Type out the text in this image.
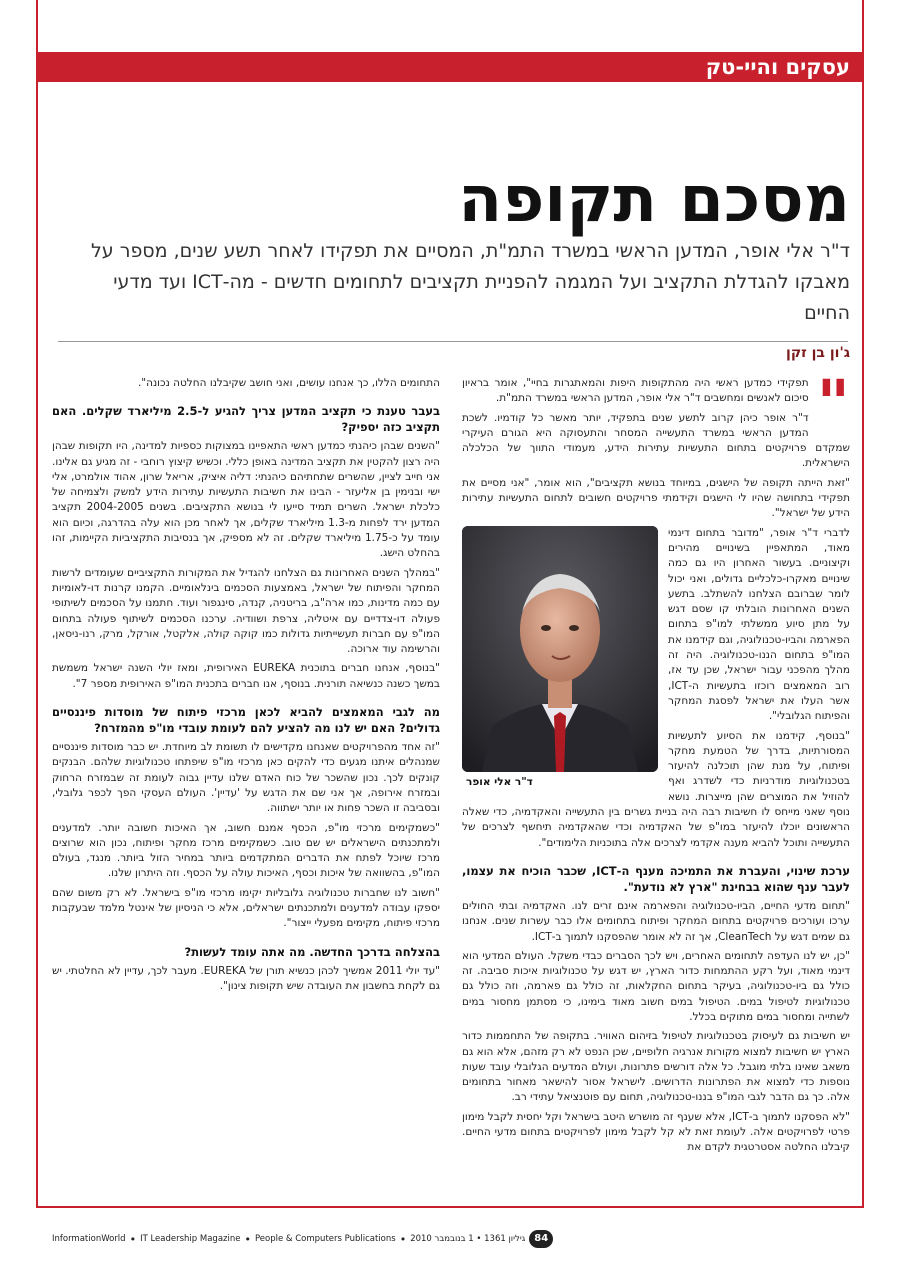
עסקים והיי-טק
מסכם תקופה
ד"ר אלי אופר, המדען הראשי במשרד התמ"ת, המסיים את תפקידו לאחר תשע שנים, מספר על מאבקו להגדלת התקציב ועל המגמה להפניית תקציבים לתחומים חדשים - מה-ICT ועד מדעי החיים
ג'ון בן זקן
"

תפקידי כמדען ראשי היה מהתקופות היפות והמאתגרות בחיי", אומר בראיון סיכום לאנשים ומחשבים ד"ר אלי אופר, המדען הראשי במשרד התמ"ת.

ד"ר אופר כיהן קרוב לתשע שנים בתפקיד, יותר מאשר כל קודמיו. לשכת המדען הראשי במשרד התעשייה המסחר והתעסוקה היא הגורם העיקרי שמקדם פרויקטים בתחום התעשיות עתירות הידע, מעמודי התווך של הכלכלה הישראלית.

"זאת הייתה תקופה של הישגים, במיוחד בנושא תקציבים", הוא אומר, "אני מסיים את תפקידי בתחושה שהיו לי הישגים וקידמתי פרויקטים חשובים לתחום התעשיות עתירות הידע של ישראל".

ד"ר אלי אופר

לדברי ד"ר אופר, "מדובר בתחום דינמי מאוד, המתאפיין בשינויים מהירים וקיצוניים. בעשור האחרון היו גם כמה שינויים מאקרו-כלכליים גדולים, ואני יכול לומר שברובם הצלחנו להשתלב. בתשע השנים האחרונות הובלתי קו שסם דגש על מתן סיוע ממשלתי למו"פ בתחום הפארמה והביו-טכנולוגיה, וגם קידמנו את המו"פ בתחום הננו-טכנולוגיה. היה זה מהלך מהפכני עבור ישראל, שכן עד אז, רוב המאמצים רוכזו בתעשיות ה-ICT, אשר העלו את ישראל לפסגת המחקר והפיתוח הגלובלי".

"בנוסף, קידמנו את הסיוע לתעשיות המסורתיות, בדרך של הטמעת מחקר ופיתוח, על מנת שהן תוכלנה להיעזר בטכנולוגיות מודרניות כדי לשדרג ואף להוזיל את המוצרים שהן מייצרות. נושא נוסף שאני מייחס לו חשיבות רבה היה בניית גשרים בין התעשייה והאקדמיה, כדי שאלה הראשונים יוכלו להיעזר במו"פ של האקדמיה וכדי שהאקדמיה תיחשף לצרכים של התעשייה ותוכל להביא מענה אקדמי לצרכים אלה בתוכניות הלימודים".

ערכת שינוי, והעברת את התמיכה מענף ה-ICT, שכבר הוכיח את עצמו, לעבר ענף שהוא בבחינת "ארץ לא נודעת".

"תחום מדעי החיים, הביו-טכנולוגיה והפארמה אינם זרים לנו. האקדמיה ובתי החולים ערכו ועורכים פרויקטים בתחום המחקר ופיתוח בתחומים אלו כבר עשרות שנים. אנחנו גם שמים דגש על CleanTech, אך זה לא אומר שהפסקנו לתמוך ב-ICT.

"כן, יש לנו העדפה לתחומים האחרים, ויש לכך הסברים כבדי משקל. העולם המדעי הוא דינמי מאוד, ועל רקע ההתמחות כדור הארץ, יש דגש על טכנולוגיות איכות סביבה. זה כולל גם ביו-טכנולוגיה, בעיקר בתחום החקלאות, זה כולל גם פארמה, וזה כולל גם טכנולוגיות לטיפול במים. הטיפול במים חשוב מאוד בימינו, כי מסתמן מחסור במים לשתייה ומחסור במים מתוקים בכלל.

יש חשיבות גם לעיסוק בטכנולוגיות לטיפול בזיהום האוויר. בתקופה של התחממות כדור הארץ יש חשיבות למצוא מקורות אנרגיה חלופיים, שכן הנפט לא רק מזהם, אלא הוא גם משאב שאינו בלתי מוגבל. כל אלה דורשים פתרונות, ועולם המדעים הגלובלי עובד שעות נוספות כדי למצוא את הפתרונות הדרושים. לישראל אסור להישאר מאחור בתחומים אלה. כך גם הדבר לגבי המו"פ בננו-טכנולוגיה, תחום עם פוטנציאל עתידי רב.

"לא הפסקנו לתמוך ב-ICT, אלא שענף זה מושרש היטב בישראל וקל יחסית לקבל מימון פרטי לפרויקטים אלה. לעומת זאת לא קל לקבל מימון לפרויקטים בתחום מדעי החיים. קיבלנו החלטה אסטרטגית לקדם את

התחומים הללו, כך אנחנו עושים, ואני חושב שקיבלנו החלטה נכונה".

בעבר טענת כי תקציב המדען צריך להגיע ל-2.5 מיליארד שקלים. האם תקציב כזה יספיק?

"השנים שבהן כיהנתי כמדען ראשי התאפיינו במצוקות כספיות למדינה, היו תקופות שבהן היה רצון להקטין את תקציב המדינה באופן כללי. וכשיש קיצוץ רוחבי - זה מגיע גם אלינו. אני חייב לציין, שהשרים שתחתיהם כיהנתי: דליה איציק, אריאל שרון, אהוד אולמרט, אלי ישי ובנימין בן אליעזר - הבינו את חשיבות התעשיות עתירות הידע למשק ולצמיחה של כלכלת ישראל. השרים תמיד סייעו לי בנושא התקציבים. בשנים 2004-2005 תקציב המדען ירד לפחות מ-1.3 מיליארד שקלים, אך לאחר מכן הוא עלה בהדרגה, וכיום הוא עומד על כ-1.75 מיליארד שקלים. זה לא מספיק, אך בנסיבות התקציביות הקיימות, זהו בהחלט הישג.

"במהלך השנים האחרונות גם הצלחנו להגדיל את המקורות התקציביים שעומדים לרשות המחקר והפיתוח של ישראל, באמצעות הסכמים בינלאומיים. הקמנו קרנות דו-לאומיות עם כמה מדינות, כמו ארה"ב, בריטניה, קנדה, סינגפור ועוד. חתמנו על הסכמים לשיתופי פעולה דו-צדדיים עם איטליה, צרפת ושוודיה. ערכנו הסכמים לשיתוף פעולה בתחום המו"פ עם חברות תעשייתיות גדולות כמו קוקה קולה, אלקטל, אורקל, מרק, רנו-ניסאן, והרשימה עוד ארוכה.

"בנוסף, אנחנו חברים בתוכנית EUREKA האירופית, ומאז יולי השנה ישראל משמשת במשך כשנה כנשיאה תורנית. בנוסף, אנו חברים בתכנית המו"פ האירופית מספר 7".

מה לגבי המאמצים להביא לכאן מרכזי פיתוח של מוסדות פיננסיים גדולים? האם יש לנו מה להציע להם לעומת עובדי מו"פ מהמזרח?

"זה אחד מהפרויקטים שאנחנו מקדישים לו תשומת לב מיוחדת. יש כבר מוסדות פיננסיים שמנהלים איתנו מגעים כדי להקים כאן מרכזי מו"פ שיפתחו טכנולוגיות שלהם. הבנקים קונקים לכך. נכון שהשכר של כוח האדם שלנו עדיין גבוה לעומת זה שבמזרח הרחוק ובמזרח אירופה, אך אני שם את הדגש על 'עדיין'. העולם העסקי הפך לכפר גלובלי, ובסביבה זו השכר פחות או יותר ישתווה.

"כשמקימים מרכזי מו"פ, הכסף אמנם חשוב, אך האיכות חשובה יותר. למדענים ולמתכנתים הישראלים יש שם טוב. כשמקימים מרכז מחקר ופיתוח, נכון הוא שרוצים מרכז שיוכל לפתח את הדברים המתקדמים ביותר במחיר הזול ביותר. מנגד, בעולם המו"פ, בהשוואה של איכות וכסף, האיכות עולה על הכסף. וזה היתרון שלנו.

"חשוב לנו שחברות טכנולוגיה גלובליות יקימו מרכזי מו"פ בישראל. לא רק משום שהם יספקו עבודה למדענים ולמתכנתים ישראלים, אלא כי הניסיון של אינטל מלמד שבעקבות מרכזי פיתוח, מקימים מפעלי ייצור".

בהצלחה בדרכך החדשה. מה אתה עומד לעשות?

"עד יולי 2011 אמשיך לכהן כנשיא תורן של EUREKA. מעבר לכך, עדיין לא החלטתי. יש גם לקחת בחשבון את העובדה שיש תקופות צינון".

InformationWorld • IT Leadership Magazine • People & Computers Publications • גיליון 1361 • 1 בנובמבר 2010 84
